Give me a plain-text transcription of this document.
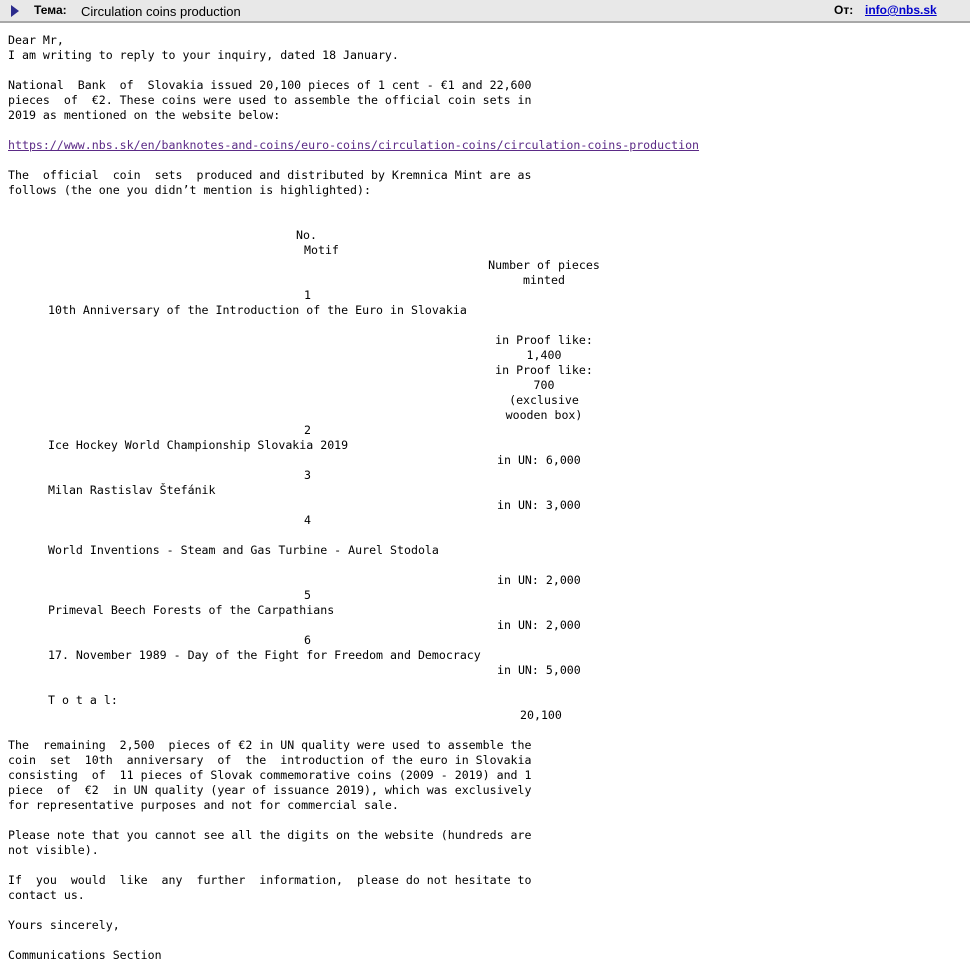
Тема: Circulation coins production	От: info@nbs.sk
Dear Mr,
I am writing to reply to your inquiry, dated 18 January.
National  Bank  of  Slovakia issued 20,100 pieces of 1 cent - €1 and 22,600
pieces  of  €2. These coins were used to assemble the official coin sets in
2019 as mentioned on the website below:
https://www.nbs.sk/en/banknotes-and-coins/euro-coins/circulation-coins/circulation-coins-production
The  official  coin  sets  produced and distributed by Kremnica Mint are as
follows (the one you didn’t mention is highlighted):
No.
Motif
Number of pieces
minted
1
10th Anniversary of the Introduction of the Euro in Slovakia
in Proof like:
1,400
in Proof like:
700
(exclusive
wooden box)
2
Ice Hockey World Championship Slovakia 2019
in UN: 6,000
3
Milan Rastislav Štefánik
in UN: 3,000
4
World Inventions - Steam and Gas Turbine - Aurel Stodola
in UN: 2,000
5
Primeval Beech Forests of the Carpathians
in UN: 2,000
6
17. November 1989 - Day of the Fight for Freedom and Democracy
in UN: 5,000
T o t a l:
20,100
The  remaining  2,500  pieces of €2 in UN quality were used to assemble the
coin  set  10th  anniversary  of  the  introduction of the euro in Slovakia
consisting  of  11 pieces of Slovak commemorative coins (2009 - 2019) and 1
piece  of  €2  in UN quality (year of issuance 2019), which was exclusively
for representative purposes and not for commercial sale.
Please note that you cannot see all the digits on the website (hundreds are
not visible).
If  you  would  like  any  further  information,  please do not hesitate to
contact us.
Yours sincerely,
Communications Section
